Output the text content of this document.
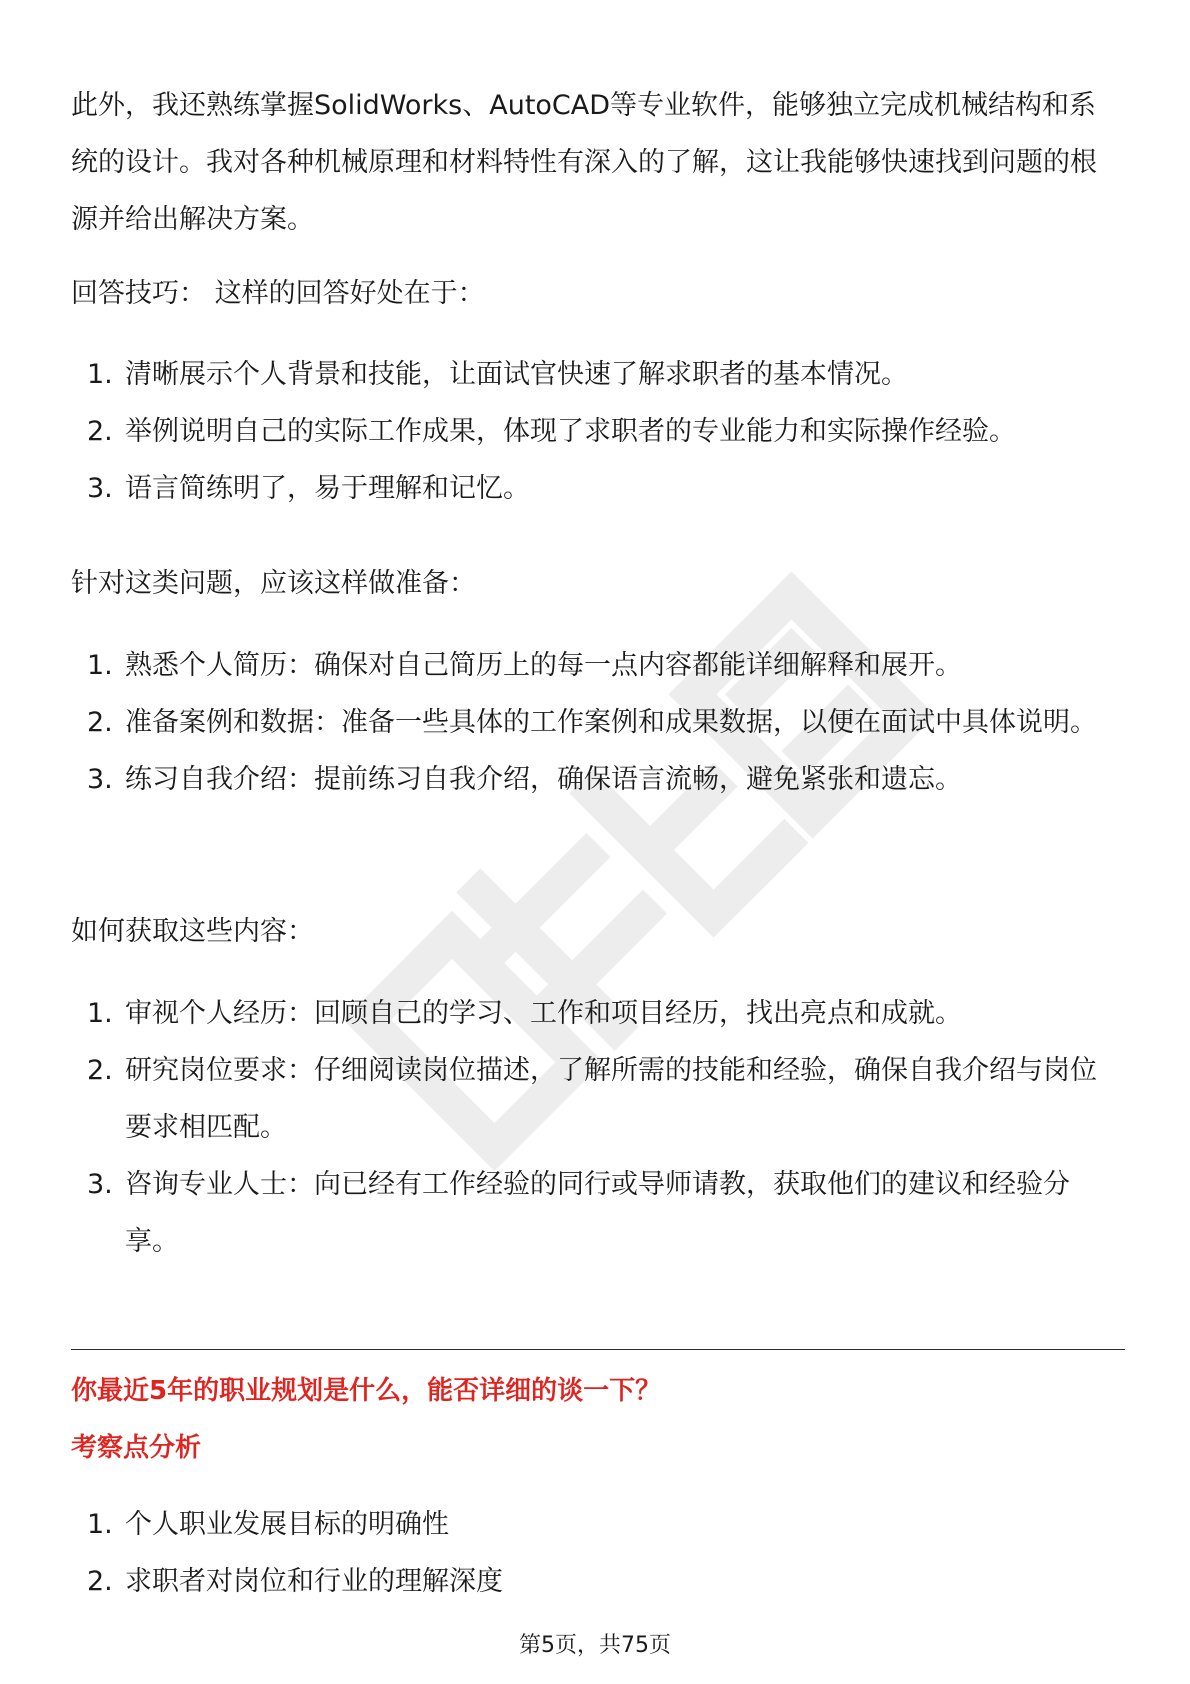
此外，我还熟练掌握SolidWorks、AutoCAD等专业软件，能够独立完成机械结构和系统的设计。我对各种机械原理和材料特性有深入的了解，这让我能够快速找到问题的根源并给出解决方案。

回答技巧： 这样的回答好处在于：

1. 清晰展示个人背景和技能，让面试官快速了解求职者的基本情况。
2. 举例说明自己的实际工作成果，体现了求职者的专业能力和实际操作经验。
3. 语言简练明了，易于理解和记忆。

针对这类问题，应该这样做准备：

1. 熟悉个人简历：确保对自己简历上的每一点内容都能详细解释和展开。
2. 准备案例和数据：准备一些具体的工作案例和成果数据，以便在面试中具体说明。
3. 练习自我介绍：提前练习自我介绍，确保语言流畅，避免紧张和遗忘。

如何获取这些内容：

1. 审视个人经历：回顾自己的学习、工作和项目经历，找出亮点和成就。
2. 研究岗位要求：仔细阅读岗位描述，了解所需的技能和经验，确保自我介绍与岗位要求相匹配。
3. 咨询专业人士：向已经有工作经验的同行或导师请教，获取他们的建议和经验分享。

你最近5年的职业规划是什么，能否详细的谈一下？

考察点分析

1. 个人职业发展目标的明确性
2. 求职者对岗位和行业的理解深度
第5页，共75页
